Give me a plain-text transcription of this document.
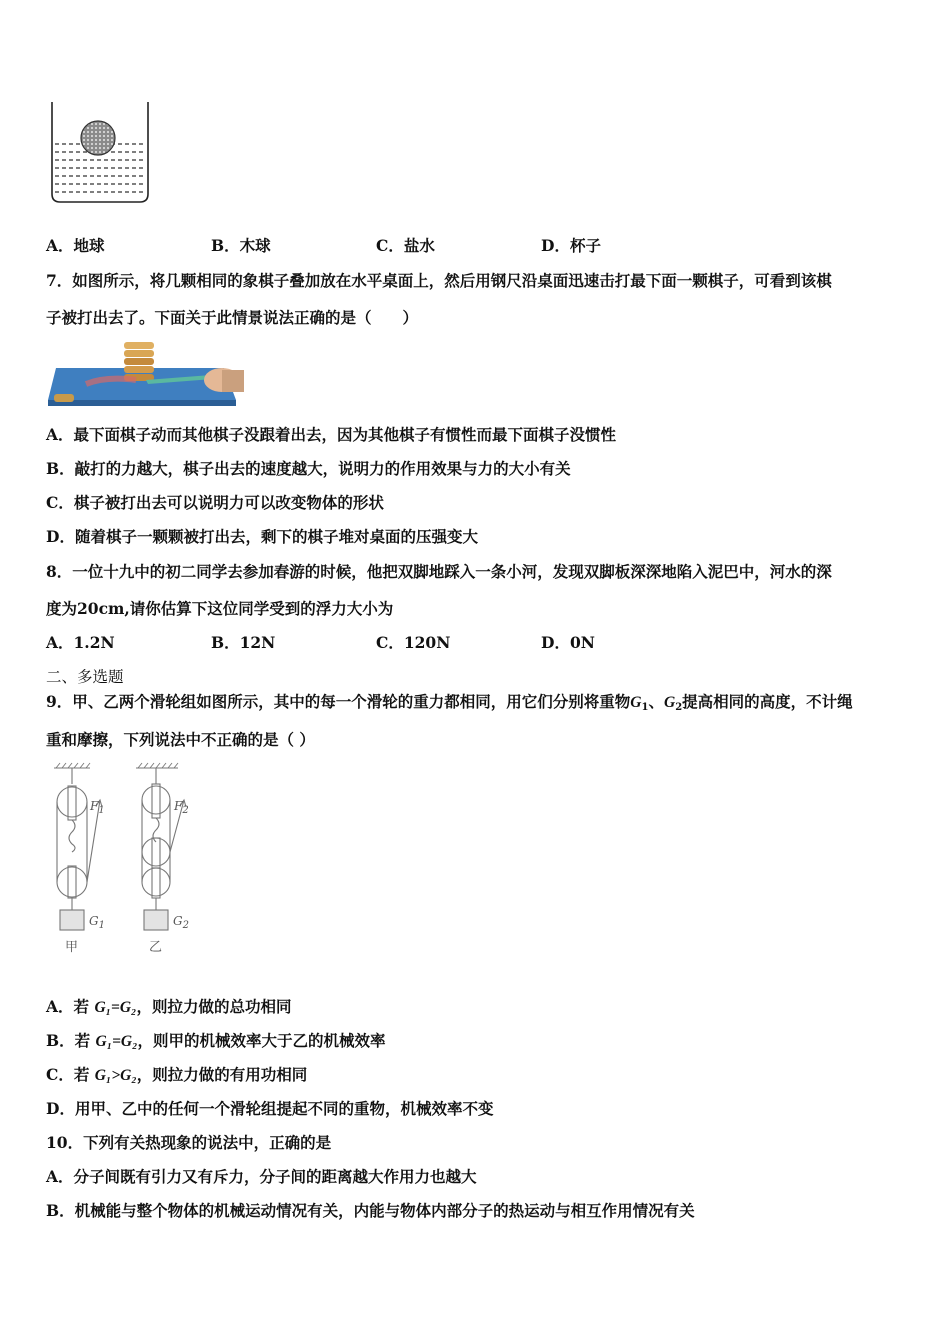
A．地球	B．木球	C．盐水	D．杯子
7．如图所示，将几颗相同的象棋子叠加放在水平桌面上，然后用钢尺沿桌面迅速击打最下面一颗棋子，可看到该棋
子被打出去了。下面关于此情景说法正确的是（　　）
A．最下面棋子动而其他棋子没跟着出去，因为其他棋子有惯性而最下面棋子没惯性
B．敲打的力越大，棋子出去的速度越大，说明力的作用效果与力的大小有关
C．棋子被打出去可以说明力可以改变物体的形状
D．随着棋子一颗颗被打出去，剩下的棋子堆对桌面的压强变大
8．一位十九中的初二同学去参加春游的时候，他把双脚地踩入一条小河，发现双脚板深深地陷入泥巴中，河水的深
度为20cm,请你估算下这位同学受到的浮力大小为
A．1.2N	B．12N	C．120N	D．0N
二、多选题
9．甲、乙两个滑轮组如图所示，其中的每一个滑轮的重力都相同，用它们分别将重物$G_1$、$G_2$提高相同的高度，不计绳
重和摩擦，下列说法中不正确的是（ ）
$F_1$	$F_2$
$G_1$	$G_2$
甲	乙
A．若 G₁=G₂，则拉力做的总功相同
B．若 G₁=G₂，则甲的机械效率大于乙的机械效率
C．若 G₁>G₂，则拉力做的有用功相同
D．用甲、乙中的任何一个滑轮组提起不同的重物，机械效率不变
10．下列有关热现象的说法中，正确的是
A．分子间既有引力又有斥力，分子间的距离越大作用力也越大
B．机械能与整个物体的机械运动情况有关，内能与物体内部分子的热运动与相互作用情况有关
